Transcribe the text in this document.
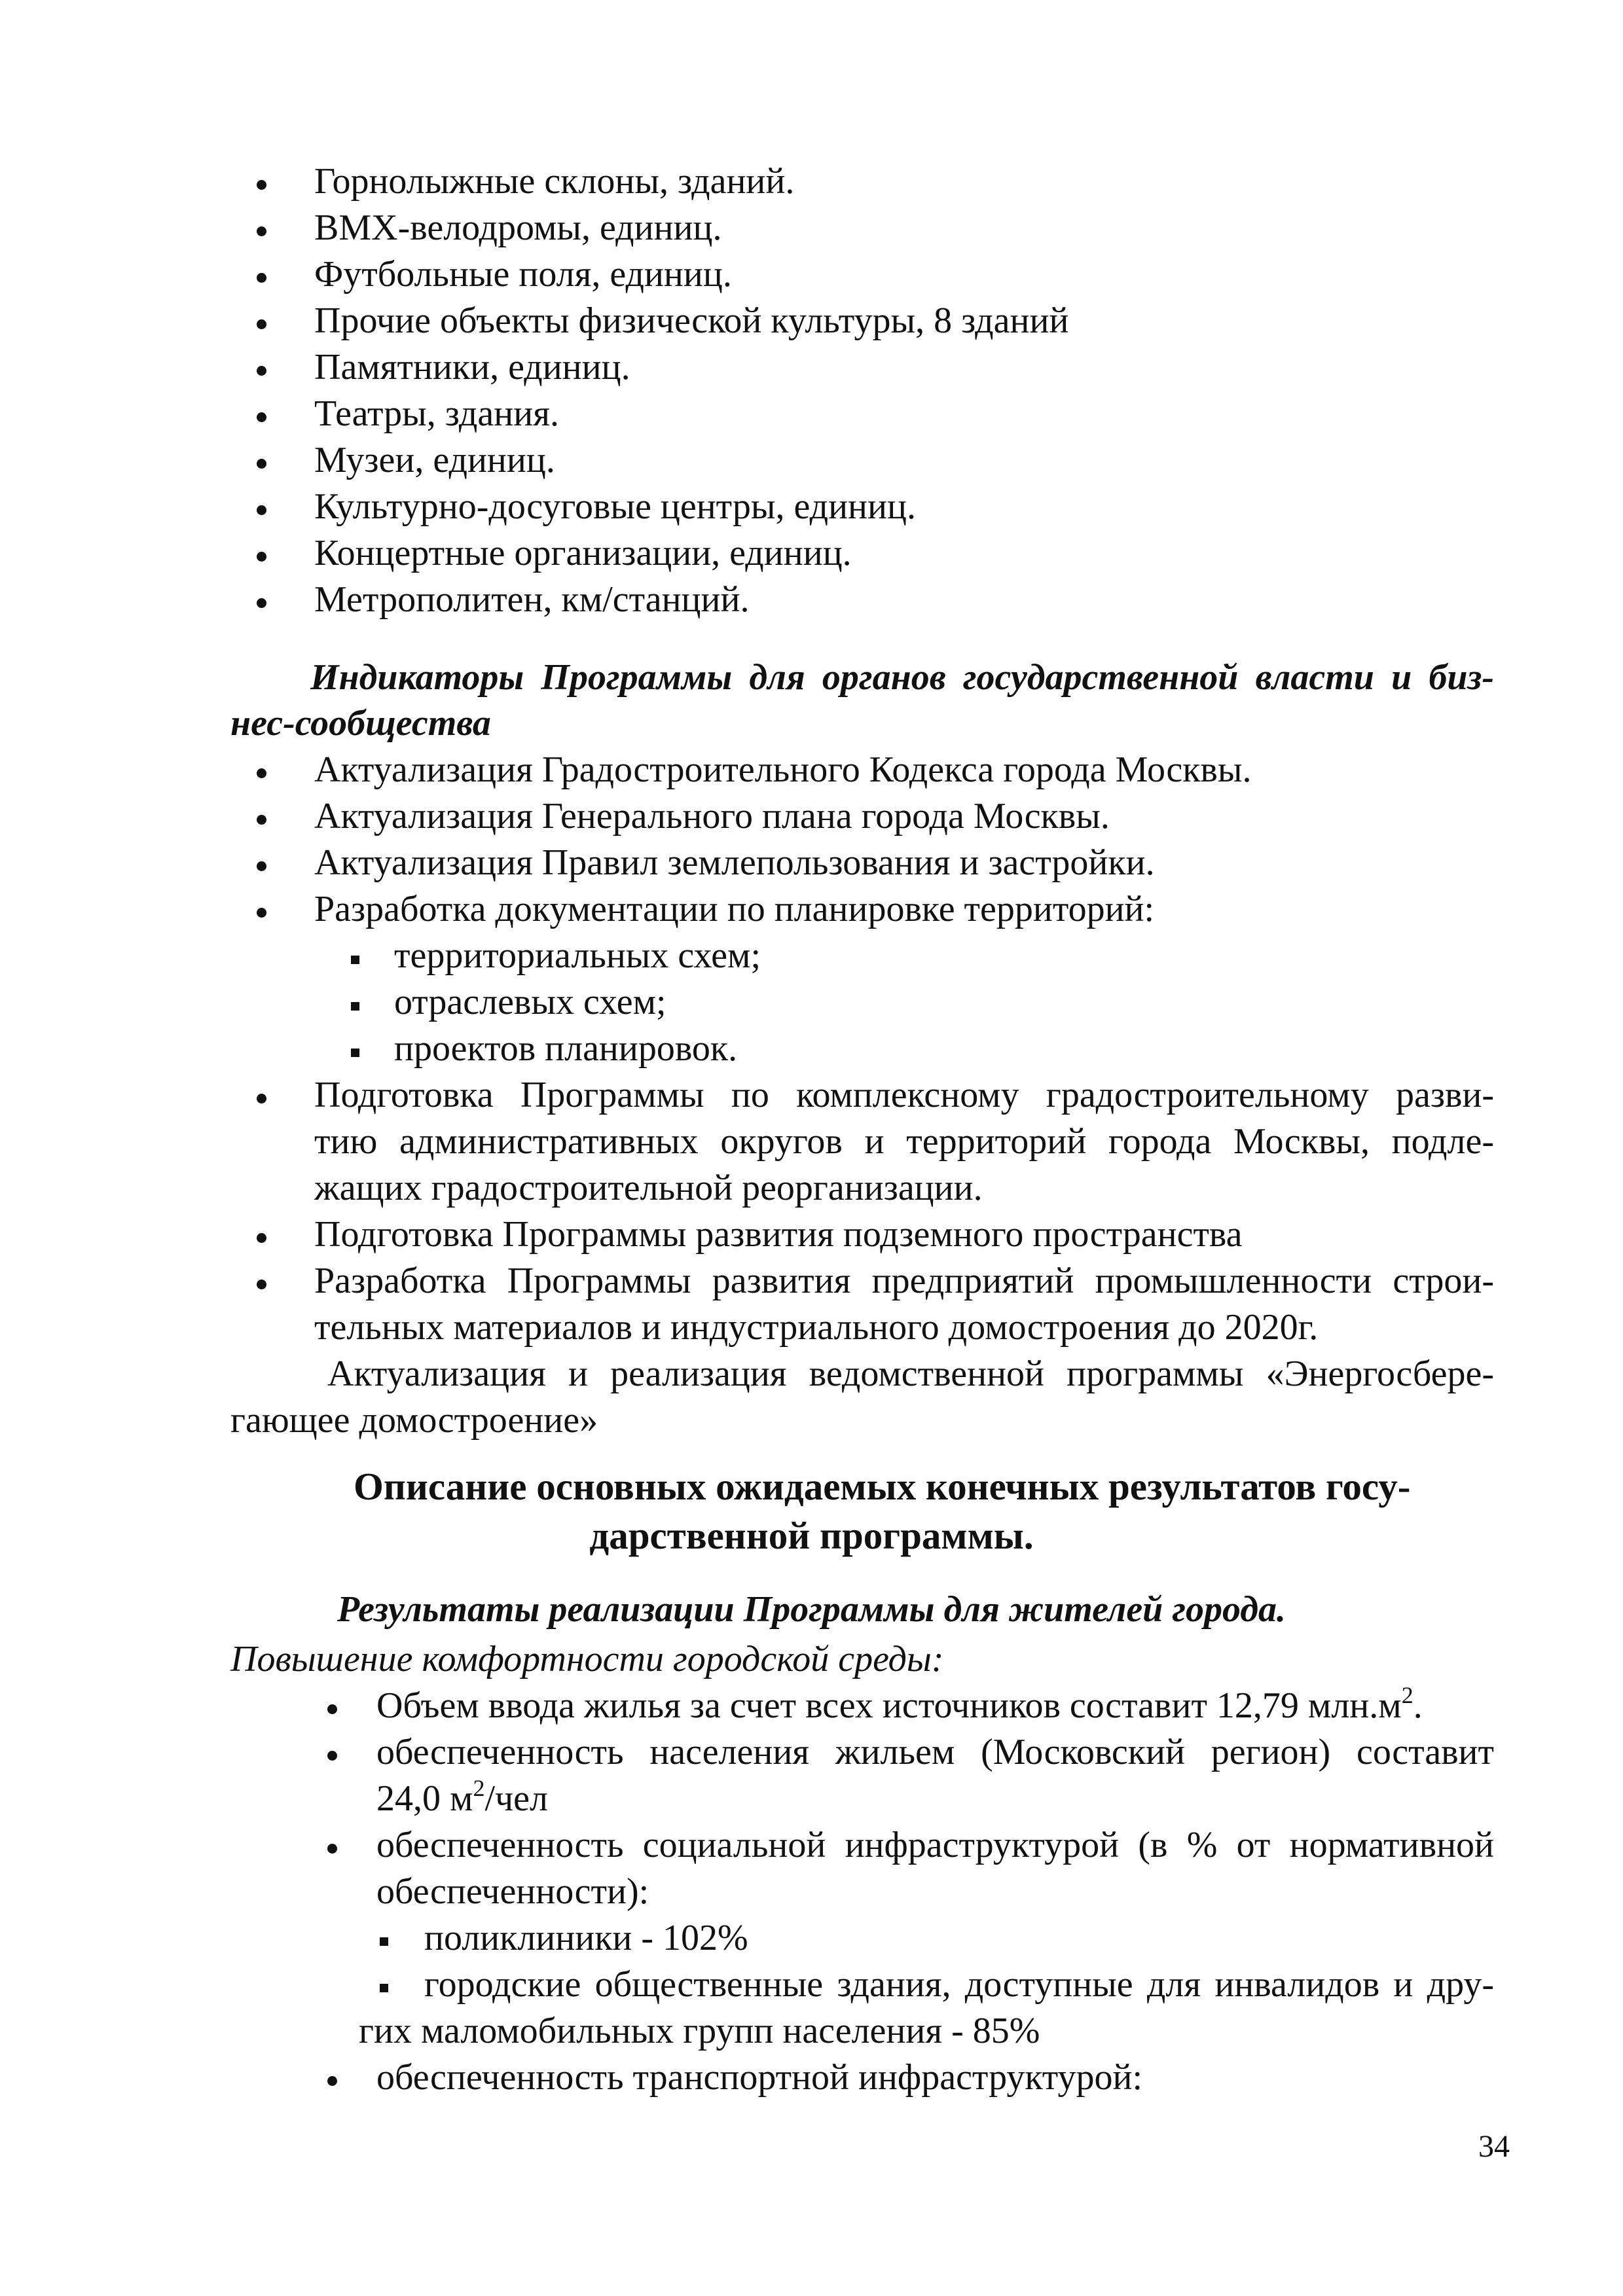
Горнолыжные склоны, зданий.

BMX-велодромы, единиц.

Футбольные поля, единиц.

Прочие объекты физической культуры, 8 зданий

Памятники, единиц.

Театры, здания.

Музеи, единиц.

Культурно-досуговые центры, единиц.

Концертные организации, единиц.

Метрополитен, км/станций.

Индикаторы Программы для органов государственной власти и биз-

нес-сообщества

Актуализация Градостроительного Кодекса города Москвы.

Актуализация Генерального плана города Москвы.

Актуализация Правил землепользования и застройки.

Разработка документации по планировке территорий:

территориальных схем;

отраслевых схем;

проектов планировок.

Подготовка Программы по комплексному градостроительному разви-

тию административных округов и территорий города Москвы, подле-

жащих градостроительной реорганизации.

Подготовка Программы развития подземного пространства

Разработка Программы развития предприятий промышленности строи-

тельных материалов и индустриального домостроения до 2020г.

Актуализация и реализация ведомственной программы «Энергосбере-

гающее домостроение»

Описание основных ожидаемых конечных результатов госу-

дарственной программы.

Результаты реализации Программы для жителей города.

Повышение комфортности городской среды:

Объем ввода жилья за счет всех источников составит 12,79 $млн.м^2$.

обеспеченность населения жильем (Московский регион) составит

24,0 $м^2$/чел

обеспеченность социальной инфраструктурой (в % от нормативной

обеспеченности):

поликлиники - 102%

городские общественные здания, доступные для инвалидов и дру-

гих маломобильных групп населения - 85%

обеспеченность транспортной инфраструктурой:

34
